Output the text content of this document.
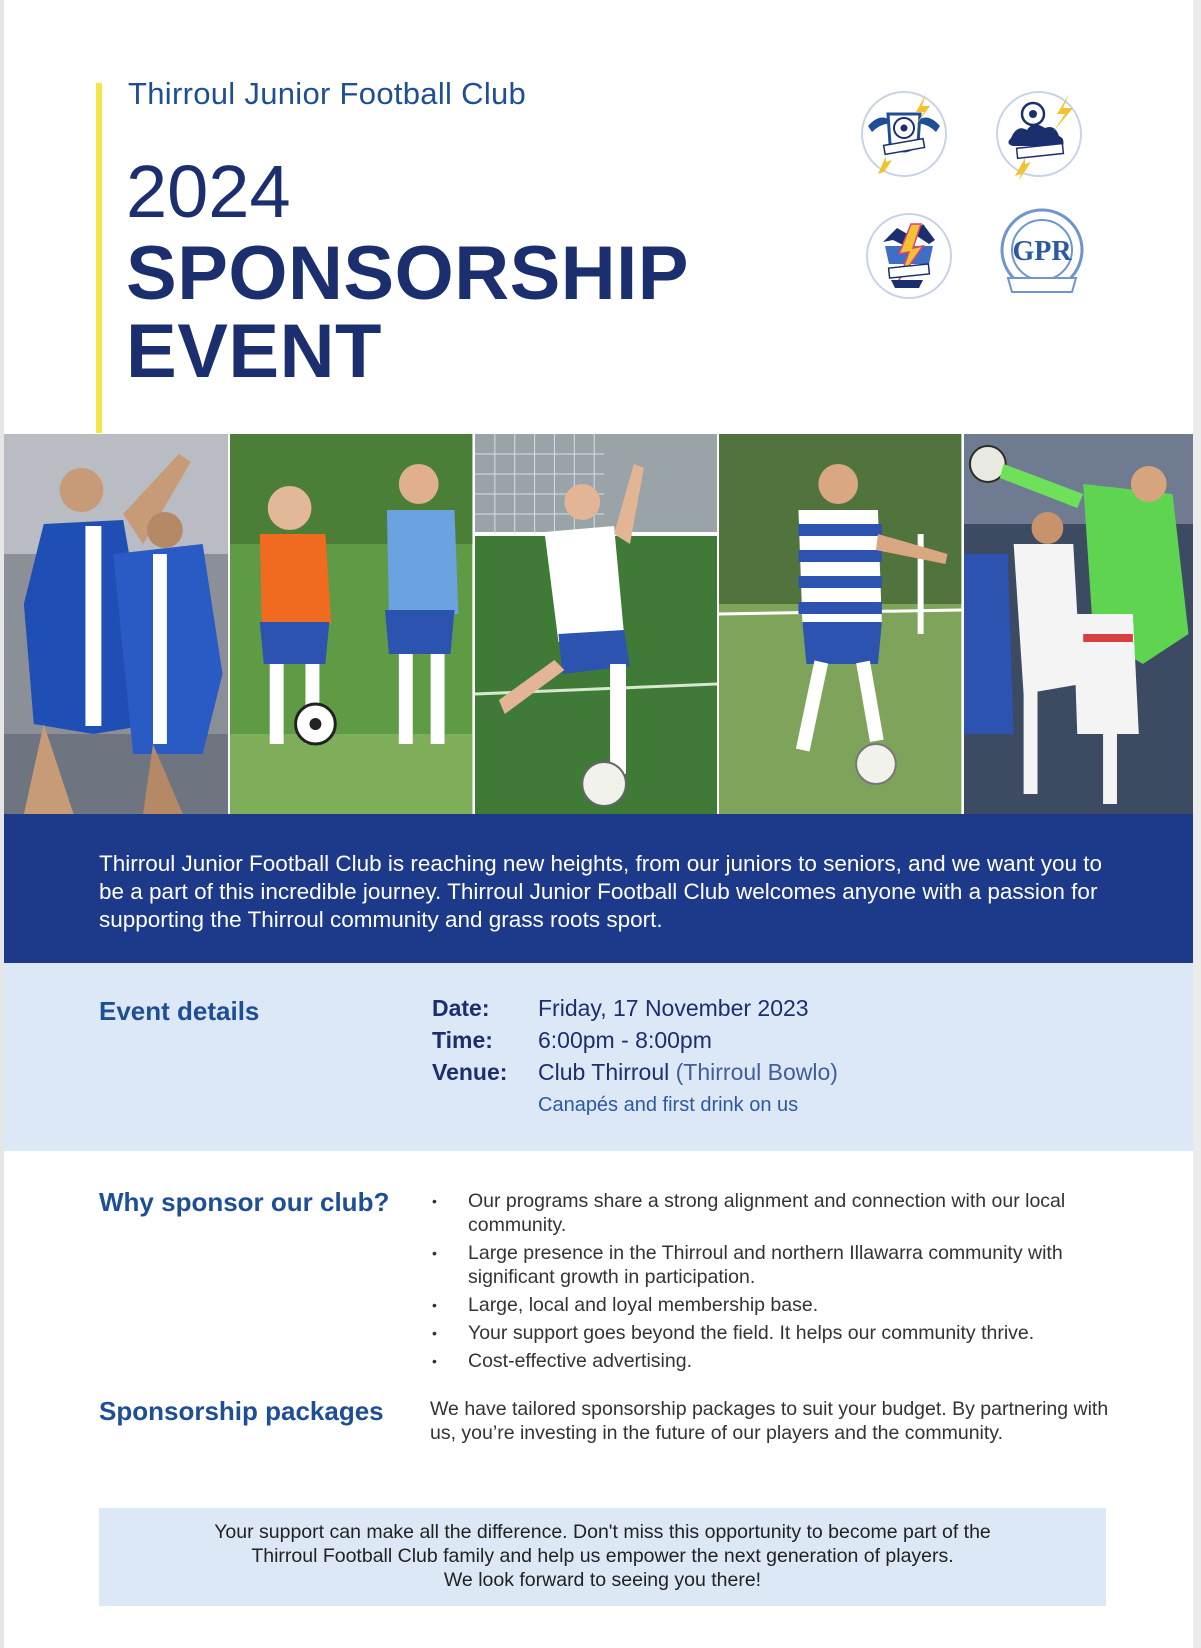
Thirroul Junior Football Club
2024
SPONSORSHIP
EVENT
GPR
Thirroul Junior Football Club is reaching new heights, from our juniors to seniors, and we want you to be a part of this incredible journey. Thirroul Junior Football Club welcomes anyone with a passion for supporting the Thirroul community and grass roots sport.
Event details	Date: Friday, 17 November 2023
Time: 6:00pm - 8:00pm
Venue: Club Thirroul (Thirroul Bowlo)
Canapés and first drink on us
Why sponsor our club?
•	Our programs share a strong alignment and connection with our local community.
• Large presence in the Thirroul and northern Illawarra community with significant growth in participation.
• Large, local and loyal membership base.
• Your support goes beyond the field. It helps our community thrive.
• Cost-effective advertising.
Sponsorship packages We have tailored sponsorship packages to suit your budget. By partnering with us, you’re investing in the future of our players and the community.
Your support can make all the difference. Don't miss this opportunity to become part of the
Thirroul Football Club family and help us empower the next generation of players.
We look forward to seeing you there!
